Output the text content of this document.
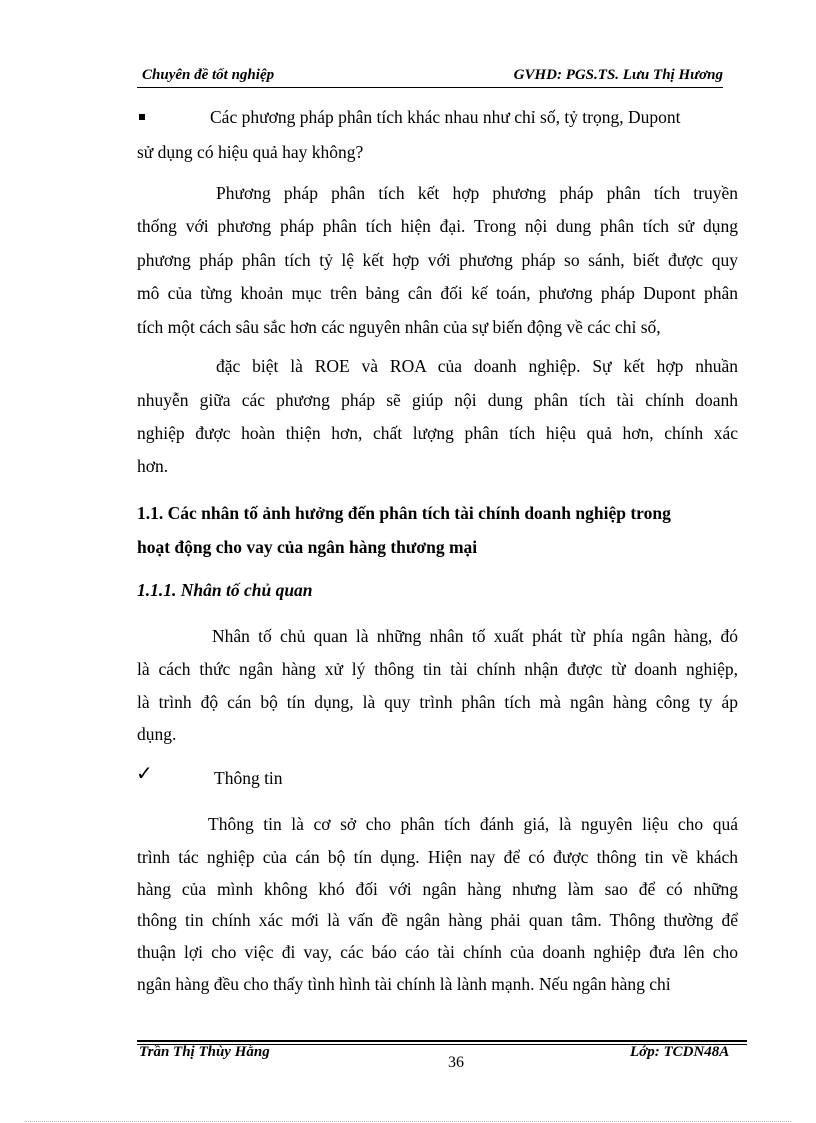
Chuyên đề tốt nghiệp	GVHD: PGS.TS. Lưu Thị Hương
Các phương pháp phân tích khác nhau như chỉ số, tỷ trọng, Dupont
sử dụng có hiệu quả hay không?
Phương pháp phân tích kết hợp phương pháp phân tích truyền
thống với phương pháp phân tích hiện đại. Trong nội dung phân tích sử dụng
phương pháp phân tích tỷ lệ kết hợp với phương pháp so sánh, biết được quy
mô của từng khoản mục trên bảng cân đối kế toán, phương pháp Dupont phân
tích một cách sâu sắc hơn các nguyên nhân của sự biến động về các chỉ số,
đặc biệt là ROE và ROA của doanh nghiệp. Sự kết hợp nhuần
nhuyễn giữa các phương pháp sẽ giúp nội dung phân tích tài chính doanh
nghiệp được hoàn thiện hơn, chất lượng phân tích hiệu quả hơn, chính xác
hơn.
1.1. Các nhân tố ảnh hưởng đến phân tích tài chính doanh nghiệp trong
hoạt động cho vay của ngân hàng thương mại
1.1.1. Nhân tố chủ quan
Nhân tố chủ quan là những nhân tố xuất phát từ phía ngân hàng, đó
là cách thức ngân hàng xử lý thông tin tài chính nhận được từ doanh nghiệp,
là trình độ cán bộ tín dụng, là quy trình phân tích mà ngân hàng công ty áp
dụng.
✓	Thông tin
Thông tin là cơ sở cho phân tích đánh giá, là nguyên liệu cho quá
trình tác nghiệp của cán bộ tín dụng. Hiện nay để có được thông tin về khách
hàng của mình không khó đối với ngân hàng nhưng làm sao để có những
thông tin chính xác mới là vấn đề ngân hàng phải quan tâm. Thông thường để
thuận lợi cho việc đi vay, các báo cáo tài chính của doanh nghiệp đưa lên cho
ngân hàng đều cho thấy tình hình tài chính là lành mạnh. Nếu ngân hàng chỉ
Trần Thị Thùy Hằng
36
Lớp: TCDN48A
